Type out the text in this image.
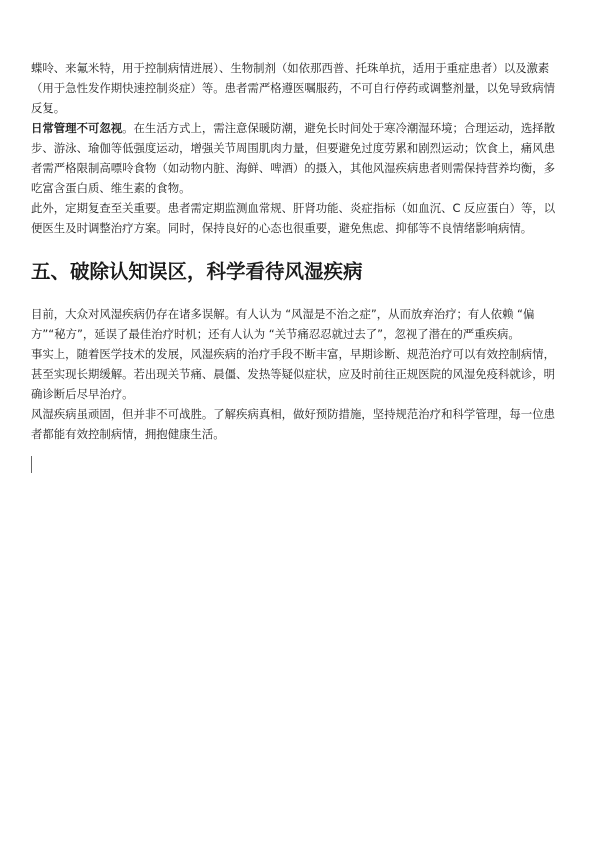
蝶呤、来氟米特，用于控制病情进展）、生物制剂（如依那西普、托珠单抗，适用于重症患者）以及激素（用于急性发作期快速控制炎症）等。患者需严格遵医嘱服药，不可自行停药或调整剂量，以免导致病情反复。

日常管理不可忽视。在生活方式上，需注意保暖防潮，避免长时间处于寒冷潮湿环境；合理运动，选择散步、游泳、瑜伽等低强度运动，增强关节周围肌肉力量，但要避免过度劳累和剧烈运动；饮食上，痛风患者需严格限制高嘌呤食物（如动物内脏、海鲜、啤酒）的摄入，其他风湿疾病患者则需保持营养均衡，多吃富含蛋白质、维生素的食物。

此外，定期复查至关重要。患者需定期监测血常规、肝肾功能、炎症指标（如血沉、C 反应蛋白）等，以便医生及时调整治疗方案。同时，保持良好的心态也很重要，避免焦虑、抑郁等不良情绪影响病情。

五、破除认知误区，科学看待风湿疾病

目前，大众对风湿疾病仍存在诸多误解。有人认为 “风湿是不治之症”，从而放弃治疗；有人依赖 “偏方”“秘方”，延误了最佳治疗时机；还有人认为 “关节痛忍忍就过去了”，忽视了潜在的严重疾病。

事实上，随着医学技术的发展，风湿疾病的治疗手段不断丰富，早期诊断、规范治疗可以有效控制病情，甚至实现长期缓解。若出现关节痛、晨僵、发热等疑似症状，应及时前往正规医院的风湿免疫科就诊，明确诊断后尽早治疗。

风湿疾病虽顽固，但并非不可战胜。了解疾病真相，做好预防措施，坚持规范治疗和科学管理，每一位患者都能有效控制病情，拥抱健康生活。
